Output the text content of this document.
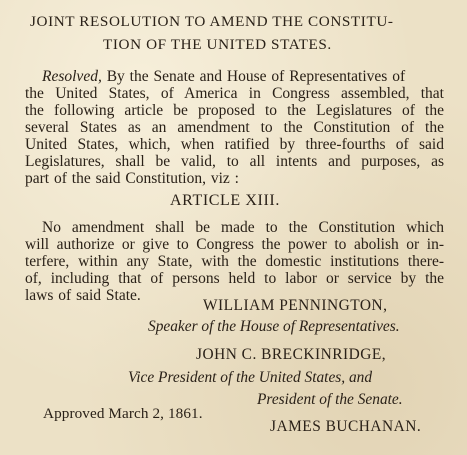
JOINT RESOLUTION TO AMEND THE CONSTITU-

TION OF THE UNITED STATES.

Resolved, By the Senate and House of Representatives of

the United States, of America in Congress assembled, that

the following article be proposed to the Legislatures of the

several States as an amendment to the Constitution of the

United States, which, when ratified by three-fourths of said

Legislatures, shall be valid, to all intents and purposes, as

part of the said Constitution, viz :

ARTICLE XIII.

No amendment shall be made to the Constitution which

will authorize or give to Congress the power to abolish or in-

terfere, within any State, with the domestic institutions there-

of, including that of persons held to labor or service by the

laws of said State.

WILLIAM PENNINGTON,

Speaker of the House of Representatives.

JOHN C. BRECKINRIDGE,

Vice President of the United States, and

President of the Senate.

Approved March 2, 1861.

JAMES BUCHANAN.
